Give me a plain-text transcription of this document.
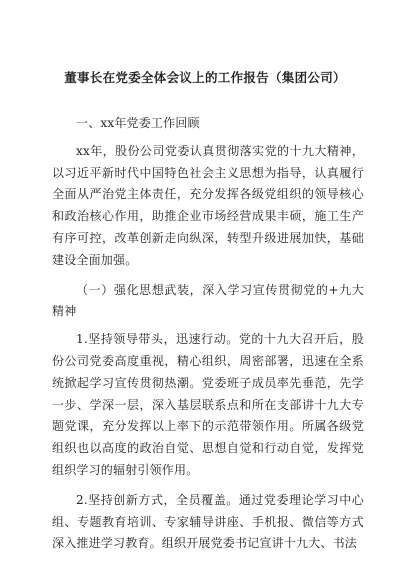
董事长在党委全体会议上的工作报告（集团公司）

一、xx年党委工作回顾

xx年，股份公司党委认真贯彻落实党的十九大精神，以习近平新时代中国特色社会主义思想为指导，认真履行全面从严治党主体责任，充分发挥各级党组织的领导核心和政治核心作用，助推企业市场经营成果丰硕，施工生产有序可控，改革创新走向纵深，转型升级进展加快，基础建设全面加强。

（一）强化思想武装，深入学习宣传贯彻党的+九大精神

1.坚持领导带头，迅速行动。党的十九大召开后，股份公司党委高度重视，精心组织，周密部署，迅速在全系统掀起学习宣传贯彻热潮。党委班子成员率先垂范，先学一步、学深一层，深入基层联系点和所在支部讲十九大专题党课，充分发挥以上率下的示范带领作用。所属各级党组织也以高度的政治自觉、思想自觉和行动自觉，发挥党组织学习的辐射引领作用。

2.坚持创新方式，全员覆盖。通过党委理论学习中心组、专题教育培训、专家辅导讲座、手机报、微信等方式深入推进学习教育。组织开展党委书记宣讲十九大、书法
